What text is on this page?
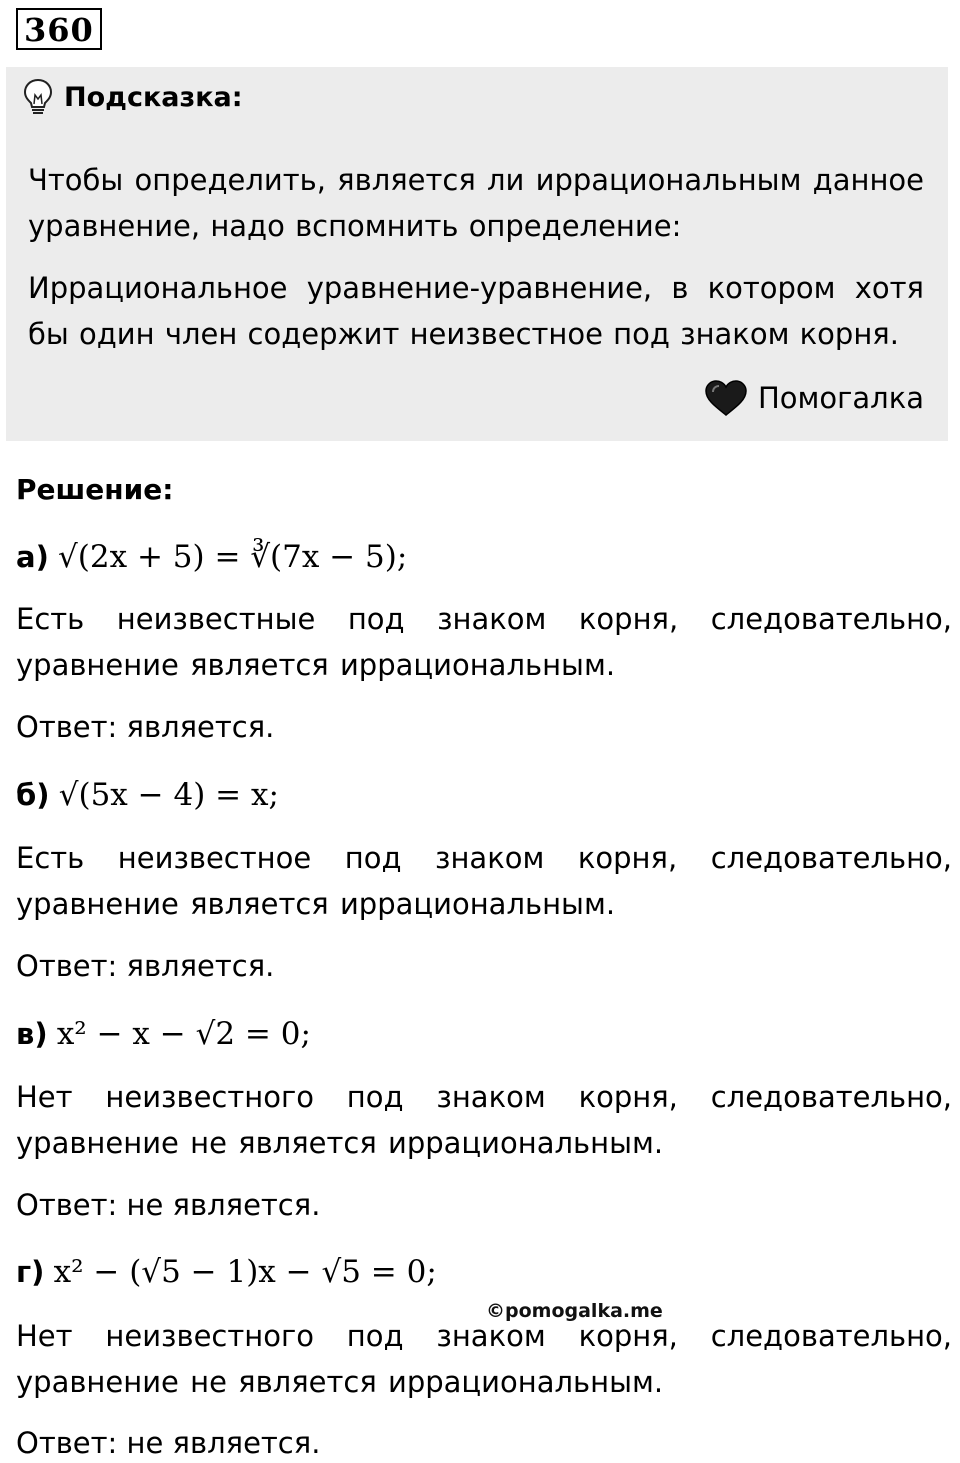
360
Подсказка:
Чтобы определить, является ли иррациональным данное уравнение, надо вспомнить определение:
Иррациональное уравнение-уравнение, в котором хотя бы один член содержит неизвестное под знаком корня.
Помогалка
Решение:
а) √(2x + 5) = ∛(7x − 5);
Есть неизвестные под знаком корня, следовательно, уравнение является иррациональным.
Ответ: является.
б) √(5x − 4) = x;
Есть неизвестное под знаком корня, следовательно, уравнение является иррациональным.
Ответ: является.
в) x² − x − √2 = 0;
Нет неизвестного под знаком корня, следовательно, уравнение не является иррациональным.
Ответ: не является.
г) x² − (√5 − 1)x − √5 = 0;
©pomogalka.me
Нет неизвестного под знаком корня, следовательно, уравнение не является иррациональным.
Ответ: не является.
